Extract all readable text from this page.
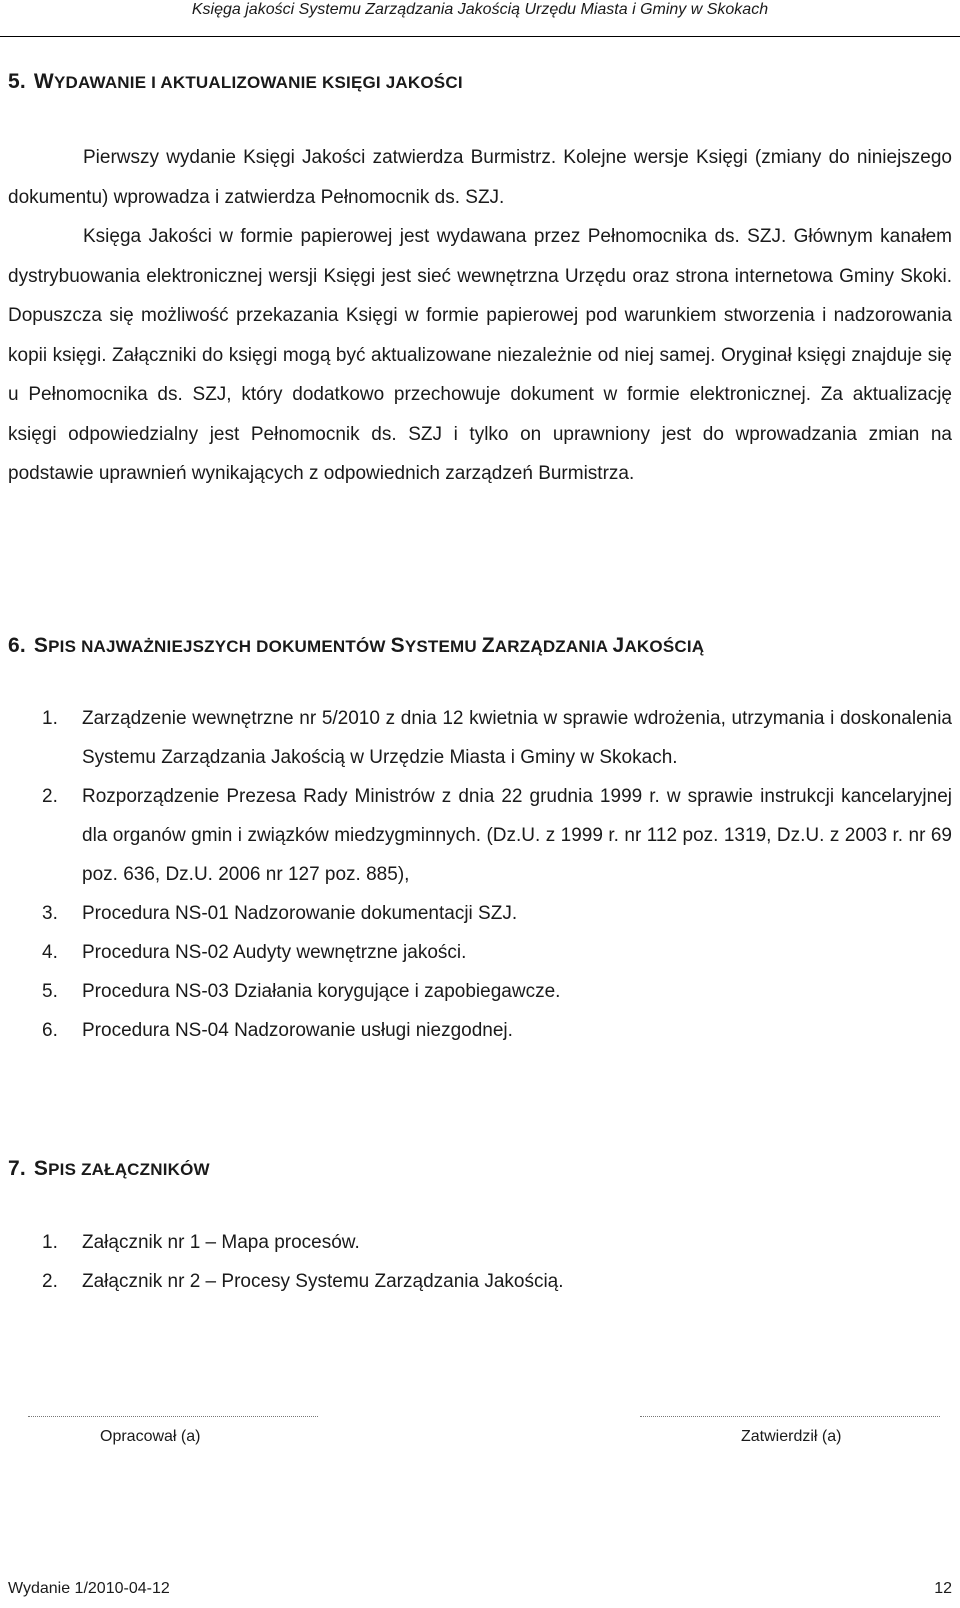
Księga jakości Systemu Zarządzania Jakością Urzędu Miasta i Gminy w Skokach
5. WYDAWANIE I AKTUALIZOWANIE KSIĘGI JAKOŚCI

Pierwszy wydanie Księgi Jakości zatwierdza Burmistrz. Kolejne wersje Księgi (zmiany do niniejszego dokumentu) wprowadza i zatwierdza Pełnomocnik ds. SZJ.

Księga Jakości w formie papierowej jest wydawana przez Pełnomocnika ds. SZJ. Głównym kanałem dystrybuowania elektronicznej wersji Księgi jest sieć wewnętrzna Urzędu oraz strona internetowa Gminy Skoki. Dopuszcza się możliwość przekazania Księgi w formie papierowej pod warunkiem stworzenia i nadzorowania kopii księgi. Załączniki do księgi mogą być aktualizowane niezależnie od niej samej. Oryginał księgi znajduje się u Pełnomocnika ds. SZJ, który dodatkowo przechowuje dokument w formie elektronicznej. Za aktualizację księgi odpowiedzialny jest Pełnomocnik ds. SZJ i tylko on uprawniony jest do wprowadzania zmian na podstawie uprawnień wynikających z odpowiednich zarządzeń Burmistrza.

6. SPIS NAJWAŻNIEJSZYCH DOKUMENTÓW SYSTEMU ZARZĄDZANIA JAKOŚCIĄ
1. Zarządzenie wewnętrzne nr 5/2010 z dnia 12 kwietnia w sprawie wdrożenia, utrzymania i doskonalenia Systemu Zarządzania Jakością w Urzędzie Miasta i Gminy w Skokach.
2. Rozporządzenie Prezesa Rady Ministrów z dnia 22 grudnia 1999 r. w sprawie instrukcji kancelaryjnej dla organów gmin i związków miedzygminnych. (Dz.U. z 1999 r. nr 112 poz. 1319, Dz.U. z 2003 r. nr 69 poz. 636, Dz.U. 2006 nr 127 poz. 885),
3. Procedura NS-01 Nadzorowanie dokumentacji SZJ.
4. Procedura NS-02 Audyty wewnętrzne jakości.
5. Procedura NS-03 Działania korygujące i zapobiegawcze.
6. Procedura NS-04 Nadzorowanie usługi niezgodnej.
7. SPIS ZAŁĄCZNIKÓW
1. Załącznik nr 1 – Mapa procesów.
2. Załącznik nr 2 – Procesy Systemu Zarządzania Jakością.
Opracował (a)	Zatwierdził (a)
Wydanie 1/2010-04-12	12
